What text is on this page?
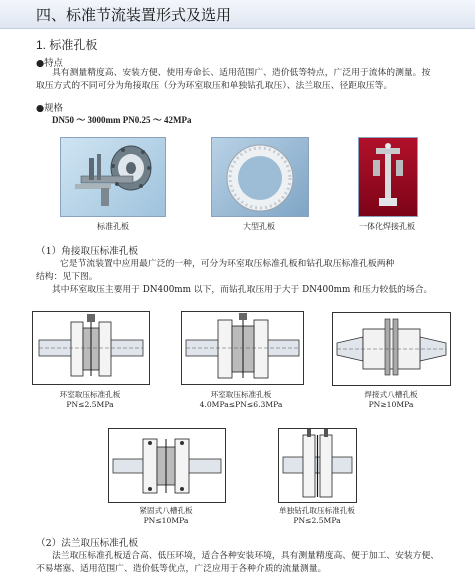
四、标准节流装置形式及选用
1. 标准孔板
●特点
具有测量精度高、安装方便、使用寿命长、适用范围广、造价低等特点，广泛用于流体的测量。按
取压方式的不同可分为角接取压（分为环室取压和单独钻孔取压）、法兰取压、径距取压等。
●规格
DN50 ～ 3000mm PN0.25 ～ 42MPa
标准孔板	大型孔板	一体化焊接孔板
（1）角接取压标准孔板
它是节流装置中应用最广泛的一种，可分为环室取压标准孔板和钻孔取压标准孔板两种
结构：见下图。
其中环室取压主要用于 DN400mm 以下，而钻孔取压用于大于 DN400mm 和压力较低的场合。
环室取压标准孔板
PN≤2.5MPa
环室取压标准孔板
4.0MPa≤PN≤6.3MPa
焊接式八槽孔板
PN≥10MPa
紧固式八槽孔板
PN≤10MPa
单独钻孔取压标准孔板
PN≤2.5MPa
（2）法兰取压标准孔板
法兰取压标准孔板适合高、低压环境，适合各种安装环境，具有测量精度高、便于加工、安装方便、
不易堵塞、适用范围广、造价低等优点，广泛应用于各种介质的流量测量。
